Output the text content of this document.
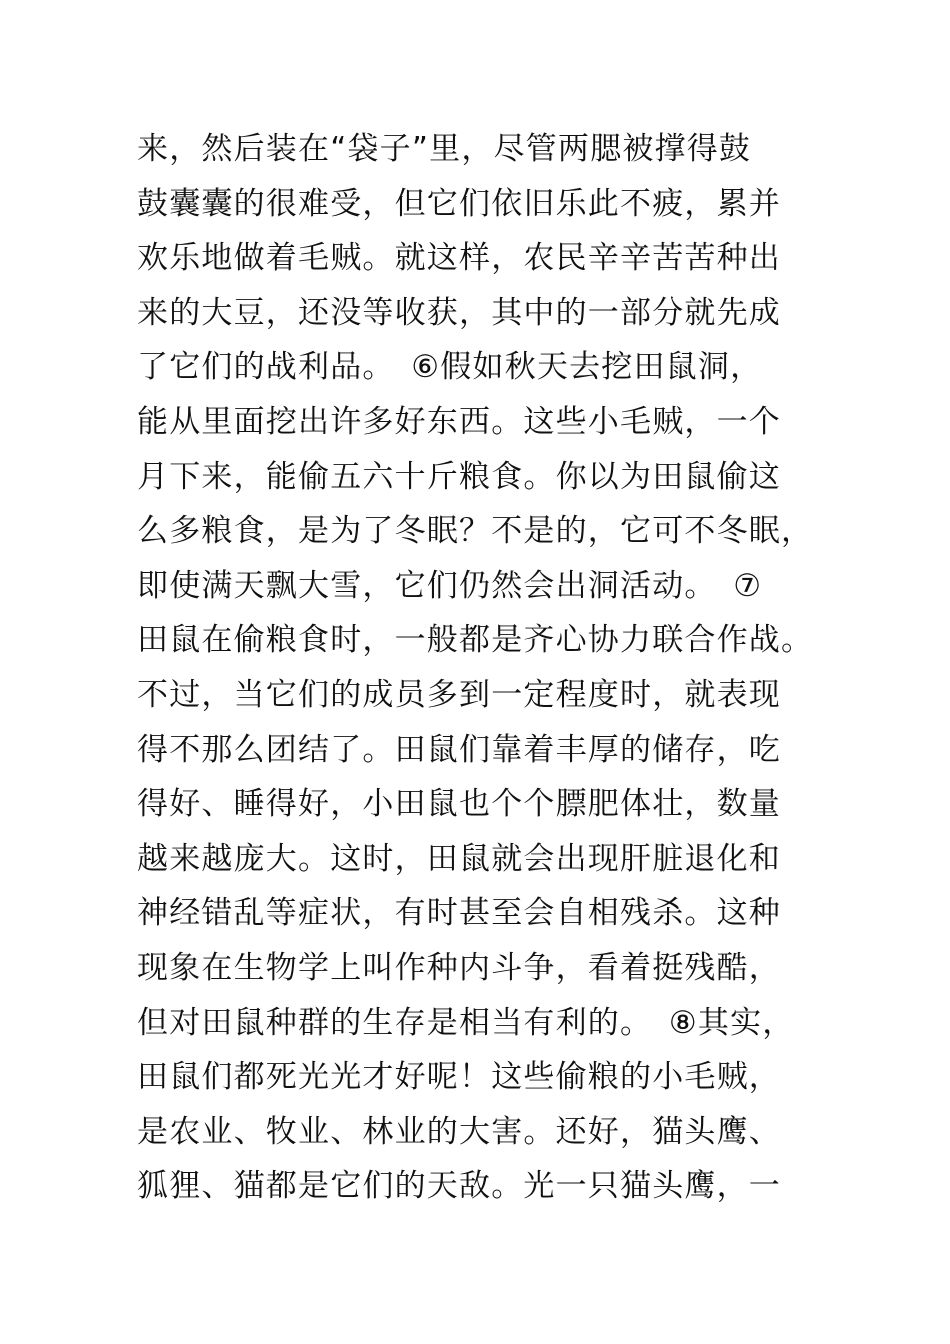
来，然后装在“袋子”里，尽管两腮被撑得鼓
鼓囊囊的很难受，但它们依旧乐此不疲，累并
欢乐地做着毛贼。就这样，农民辛辛苦苦种出
来的大豆，还没等收获，其中的一部分就先成
了它们的战利品。　⑥假如秋天去挖田鼠洞，
能从里面挖出许多好东西。这些小毛贼，一个
月下来，能偷五六十斤粮食。你以为田鼠偷这
么多粮食，是为了冬眠？不是的，它可不冬眠，
即使满天飘大雪，它们仍然会出洞活动。　⑦
田鼠在偷粮食时，一般都是齐心协力联合作战。
不过，当它们的成员多到一定程度时，就表现
得不那么团结了。田鼠们靠着丰厚的储存，吃
得好、睡得好，小田鼠也个个膘肥体壮，数量
越来越庞大。这时，田鼠就会出现肝脏退化和
神经错乱等症状，有时甚至会自相残杀。这种
现象在生物学上叫作种内斗争，看着挺残酷，
但对田鼠种群的生存是相当有利的。　⑧其实，
田鼠们都死光光才好呢！这些偷粮的小毛贼，
是农业、牧业、林业的大害。还好，猫头鹰、
狐狸、猫都是它们的天敌。光一只猫头鹰，一
